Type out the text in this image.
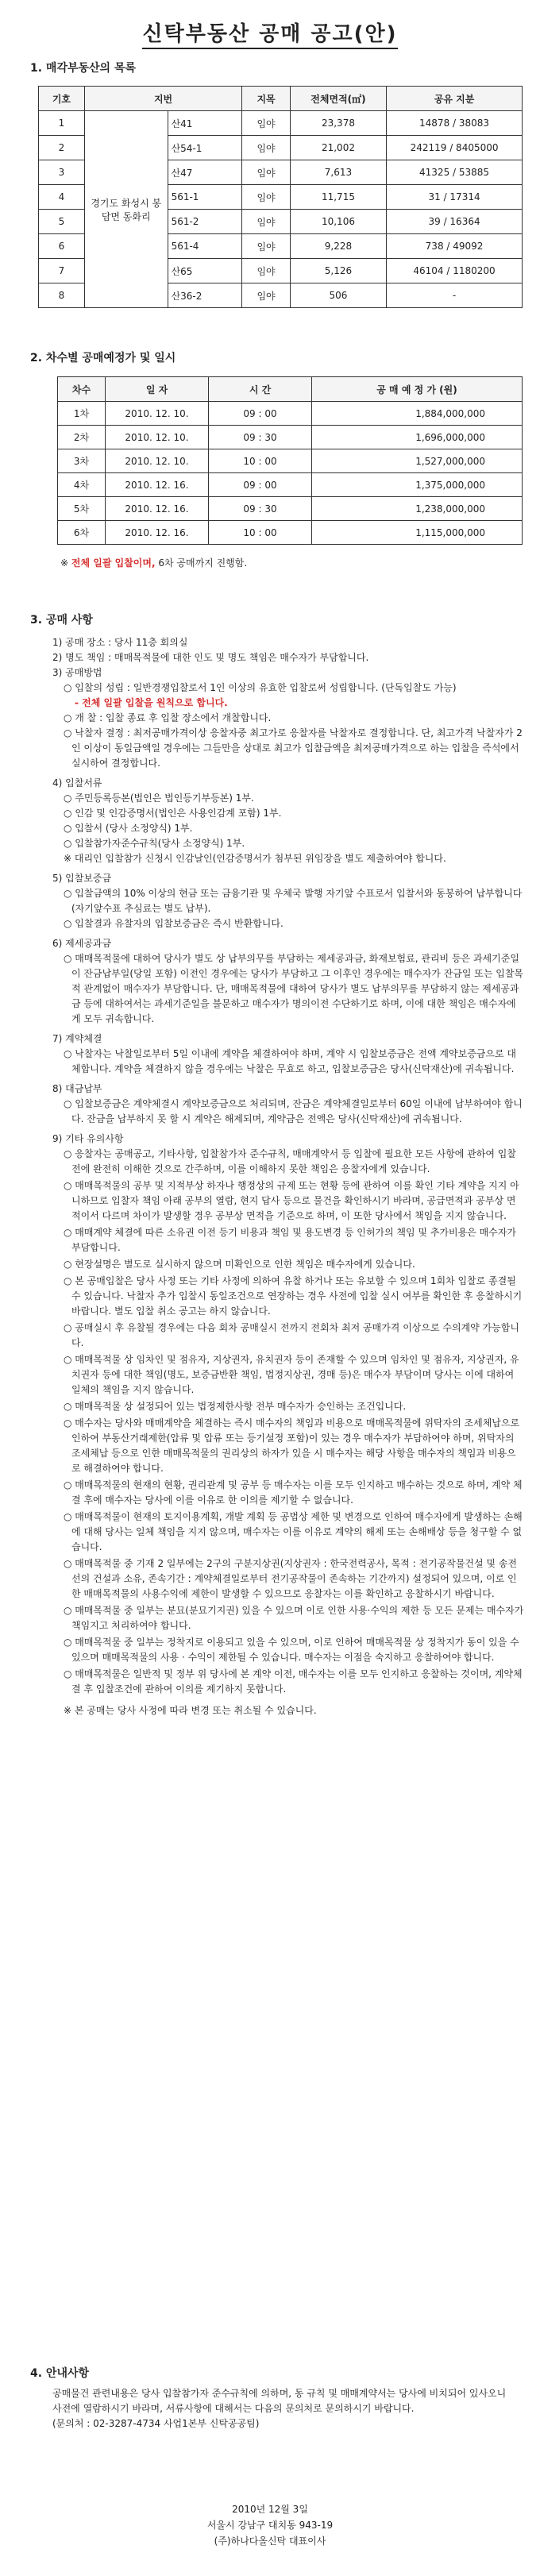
신탁부동산 공매 공고(안)
1. 매각부동산의 목록
기호	지번		지목	전체면적(㎡)	공유 지분
1	경기도 화성시 봉담면 동화리	산41	임야	23,378	14878 / 38083
2		산54-1	임야	21,002	242119 / 8405000
3		산47	임야	7,613	41325 / 53885
4		561-1	임야	11,715	31 / 17314
5		561-2	임야	10,106	39 / 16364
6		561-4	임야	9,228	738 / 49092
7		산65	임야	5,126	46104 / 1180200
8		산36-2	임야	506	-
2. 차수별 공매예정가 및 일시
차수	일 자	시 간	공 매 예 정 가 (원)
1차	2010. 12. 10.	09 : 00	1,884,000,000
2차	2010. 12. 10.	09 : 30	1,696,000,000
3차	2010. 12. 10.	10 : 00	1,527,000,000
4차	2010. 12. 16.	09 : 00	1,375,000,000
5차	2010. 12. 16.	09 : 30	1,238,000,000
6차	2010. 12. 16.	10 : 00	1,115,000,000
※ 전체 일괄 입찰이며, 6차 공매까지 진행함.
3. 공매 사항

1) 공매 장소 : 당사 11층 회의실

2) 명도 책임 : 매매목적물에 대한 인도 및 명도 책임은 매수자가 부담합니다.

3) 공매방법

○ 입찰의 성립 : 일반경쟁입찰로서 1인 이상의 유효한 입찰로써 성립합니다. (단독입찰도 가능)

- 전체 일괄 입찰을 원칙으로 합니다.

○ 개 찰 : 입찰 종료 후 입찰 장소에서 개찰합니다.

○ 낙찰자 결정 : 최저공매가격이상 응찰자중 최고가로 응찰자를 낙찰자로 결정합니다. 단, 최고가격 낙찰자가 2인 이상이 동일금액일 경우에는 그들만을 상대로 최고가 입찰금액을 최저공매가격으로 하는 입찰을 즉석에서 실시하여 결정합니다.

4) 입찰서류

○ 주민등록등본(법인은 법인등기부등본) 1부.

○ 인감 및 인감증명서(법인은 사용인감계 포함) 1부.

○ 입찰서 (당사 소정양식) 1부.

○ 입찰참가자준수규칙(당사 소정양식) 1부.

※ 대리인 입찰참가 신청시 인감날인(인감증명서가 첨부된 위임장을 별도 제출하여야 합니다.

5) 입찰보증금

○ 입찰금액의 10% 이상의 현금 또는 금융기관 및 우체국 발행 자기앞 수표로서 입찰서와 동봉하여 납부합니다(자기앞수표 추심료는 별도 납부).

○ 입찰결과 유찰자의 입찰보증금은 즉시 반환합니다.

6) 제세공과금

○ 매매목적물에 대하여 당사가 별도 상 납부의무를 부담하는 제세공과금, 화재보험료, 관리비 등은 과세기준일이 잔금납부일(당일 포함) 이전인 경우에는 당사가 부담하고 그 이후인 경우에는 매수자가 잔금일 또는 입찰목적 관계없이 매수자가 부담합니다. 단, 매매목적물에 대하여 당사가 별도 납부의무를 부담하지 않는 제세공과금 등에 대하여서는 과세기준일을 불문하고 매수자가 명의이전 수단하기로 하며, 이에 대한 책임은 매수자에게 모두 귀속합니다.

7) 계약체결

○ 낙찰자는 낙찰일로부터 5일 이내에 계약을 체결하여야 하며, 계약 시 입찰보증금은 전액 계약보증금으로 대체합니다. 계약을 체결하지 않을 경우에는 낙찰은 무효로 하고, 입찰보증금은 당사(신탁재산)에 귀속됩니다.

8) 대금납부

○ 입찰보증금은 계약체결시 계약보증금으로 처리되며, 잔금은 계약체결일로부터 60일 이내에 납부하여야 합니다. 잔금을 납부하지 못 할 시 계약은 해제되며, 계약금은 전액은 당사(신탁재산)에 귀속됩니다.

9) 기타 유의사항

○ 응찰자는 공매공고, 기타사항, 입찰참가자 준수규칙, 매매계약서 등 입찰에 필요한 모든 사항에 관하여 입찰 전에 완전히 이해한 것으로 간주하며, 이를 이해하지 못한 책임은 응찰자에게 있습니다.

○ 매매목적물의 공부 및 지적부상 하자나 행정상의 규제 또는 현황 등에 관하여 이를 확인 기타 계약을 지지 아니하므로 입찰자 책임 아래 공부의 열람, 현지 답사 등으로 물건을 확인하시기 바라며, 공급면적과 공부상 면적이서 다르며 차이가 발생할 경우 공부상 면적을 기준으로 하며, 이 또한 당사에서 책임을 지지 않습니다.

○ 매매계약 체결에 따른 소유권 이전 등기 비용과 책임 및 용도변경 등 인허가의 책임 및 추가비용은 매수자가 부담합니다.

○ 현장설명은 별도로 실시하지 않으며 미확인으로 인한 책임은 매수자에게 있습니다.

○ 본 공매입찰은 당사 사정 또는 기타 사정에 의하여 유찰 하거나 또는 유보할 수 있으며 1회차 입찰로 종결될 수 있습니다. 낙찰자 추가 입찰시 동일조건으로 연장하는 경우 사전에 입찰 실시 여부를 확인한 후 응찰하시기 바랍니다. 별도 입찰 취소 공고는 하지 않습니다.

○ 공매실시 후 유찰될 경우에는 다음 회차 공매실시 전까지 전회차 최저 공매가격 이상으로 수의계약 가능합니다.

○ 매매목적물 상 임차인 및 점유자, 지상권자, 유치권자 등이 존재할 수 있으며 임차인 및 점유자, 지상권자, 유치권자 등에 대한 책임(명도, 보증금반환 책임, 법정지상권, 경매 등)은 매수자 부담이며 당사는 이에 대하여 일체의 책임을 지지 않습니다.

○ 매매목적물 상 설정되어 있는 법정제한사항 전부 매수자가 승인하는 조건입니다.

○ 매수자는 당사와 매매계약을 체결하는 즉시 매수자의 책임과 비용으로 매매목적물에 위탁자의 조세체납으로 인하여 부동산거래제한(압류 및 압류 또는 등기설정 포함)이 있는 경우 매수자가 부담하여야 하며, 위탁자의 조세체납 등으로 인한 매매목적물의 권리상의 하자가 있을 시 매수자는 해당 사항을 매수자의 책임과 비용으로 해결하여야 합니다.

○ 매매목적물의 현재의 현황, 권리관계 및 공부 등 매수자는 이를 모두 인지하고 매수하는 것으로 하며, 계약 체결 후에 매수자는 당사에 이를 이유로 한 이의를 제기할 수 없습니다.

○ 매매목적물이 현재의 토지이용계획, 개발 계획 등 공법상 제한 및 변경으로 인하여 매수자에게 발생하는 손해에 대해 당사는 일체 책임을 지지 않으며, 매수자는 이를 이유로 계약의 해제 또는 손해배상 등을 청구할 수 없습니다.

○ 매매목적물 중 기재 2 일부에는 2구의 구분지상권(지상권자 : 한국전력공사, 목적 : 전기공작물건설 및 송전선의 건설과 소유, 존속기간 : 계약체결일로부터 전기공작물이 존속하는 기간까지) 설정되어 있으며, 이로 인한 매매목적물의 사용수익에 제한이 발생할 수 있으므로 응찰자는 이를 확인하고 응찰하시기 바랍니다.

○ 매매목적물 중 일부는 분묘(분묘기지권) 있을 수 있으며 이로 인한 사용·수익의 제한 등 모든 문제는 매수자가 책임지고 처리하여야 합니다.

○ 매매목적물 중 일부는 정착지로 이용되고 있을 수 있으며, 이로 인하여 매매목적물 상 정착지가 동이 있을 수 있으며 매매목적물의 사용 · 수익이 제한될 수 있습니다. 매수자는 이점을 숙지하고 응찰하여야 합니다.

○ 매매목적물은 일반적 및 정부 위 당사에 본 계약 이전, 매수자는 이를 모두 인지하고 응찰하는 것이며, 계약체결 후 입찰조건에 관하여 이의를 제기하지 못합니다.

※ 본 공매는 당사 사정에 따라 변경 또는 취소될 수 있습니다.

4. 안내사항

공매물건 관련내용은 당사 입찰참가자 준수규칙에 의하며, 동 규칙 및 매매계약서는 당사에 비치되어 있사오니 사전에 열람하시기 바라며, 서류사항에 대해서는 다음의 문의처로 문의하시기 바랍니다.

(문의처 : 02-3287-4734 사업1본부 신탁공공팀)

2010년 12월 3일
서울시 강남구 대치동 943-19
(주)하나다올신탁 대표이사
